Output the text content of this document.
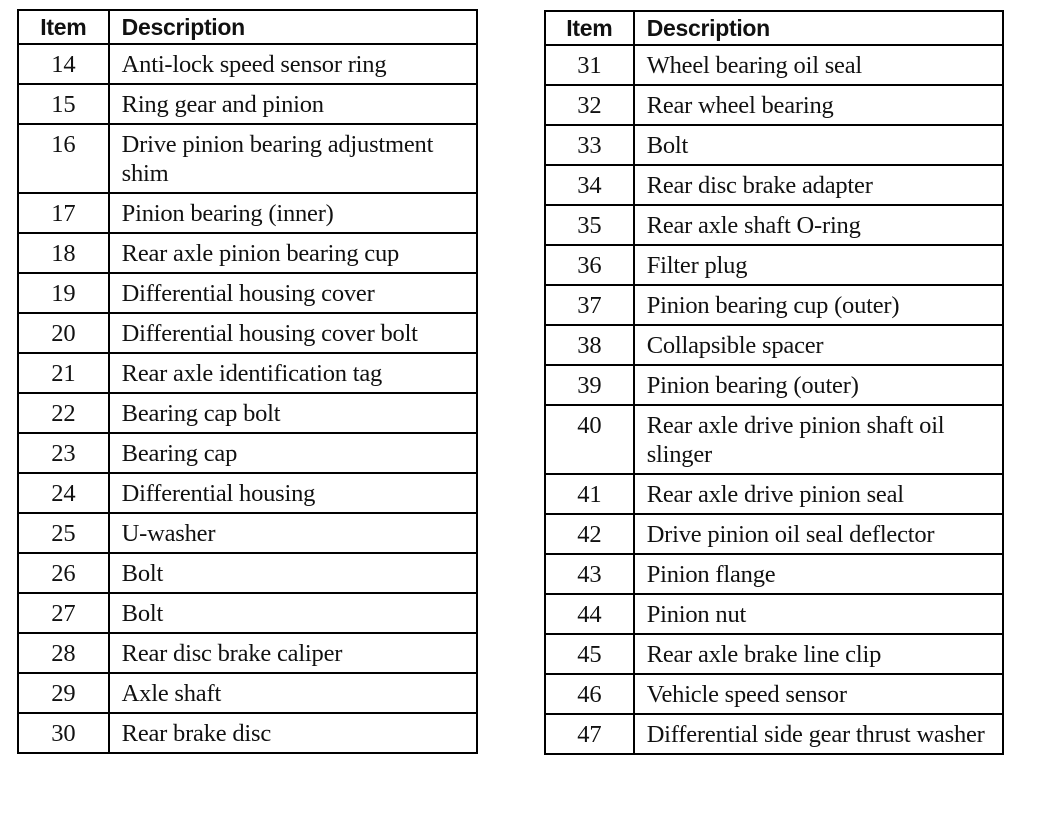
Item	Description
14	Anti-lock speed sensor ring
15	Ring gear and pinion
16	Drive pinion bearing adjustment shim
17	Pinion bearing (inner)
18	Rear axle pinion bearing cup
19	Differential housing cover
20	Differential housing cover bolt
21	Rear axle identification tag
22	Bearing cap bolt
23	Bearing cap
24	Differential housing
25	U-washer
26	Bolt
27	Bolt
28	Rear disc brake caliper
29	Axle shaft
30	Rear brake disc
Item	Description
31	Wheel bearing oil seal
32	Rear wheel bearing
33	Bolt
34	Rear disc brake adapter
35	Rear axle shaft O-ring
36	Filter plug
37	Pinion bearing cup (outer)
38	Collapsible spacer
39	Pinion bearing (outer)
40	Rear axle drive pinion shaft oil slinger
41	Rear axle drive pinion seal
42	Drive pinion oil seal deflector
43	Pinion flange
44	Pinion nut
45	Rear axle brake line clip
46	Vehicle speed sensor
47	Differential side gear thrust washer
